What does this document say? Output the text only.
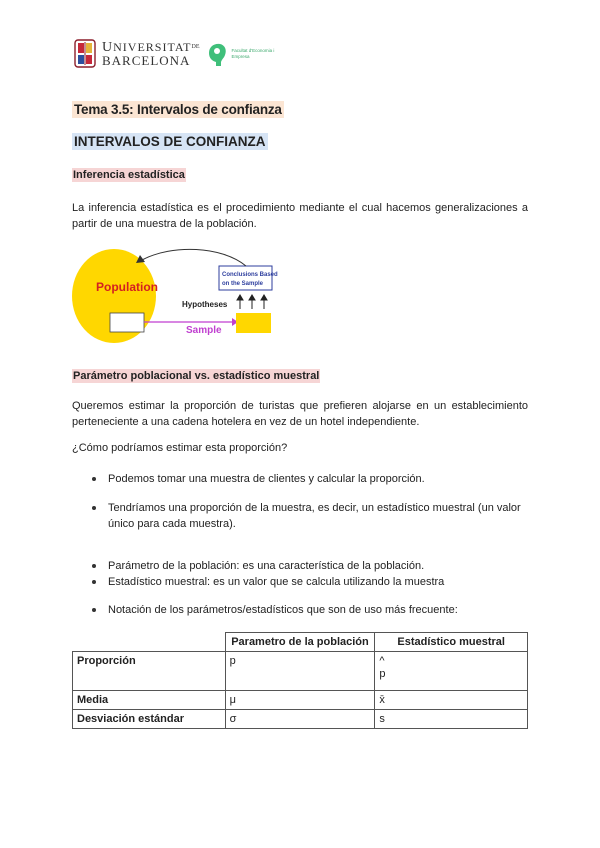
$UNIVERSITAT^{DE}$
BARCELONA
Facultat d'Economia i Empresa
Tema 3.5: Intervalos de confianza
INTERVALOS DE CONFIANZA
Inferencia estadística
La inferencia estadística es el procedimiento mediante el cual hacemos generalizaciones a partir de una muestra de la población.
Population
Sample
Hypotheses
Conclusions Based
on the Sample
Parámetro poblacional vs. estadístico muestral
Queremos estimar la proporción de turistas que prefieren alojarse en un establecimiento perteneciente a una cadena hotelera en vez de un hotel independiente.
¿Cómo podríamos estimar esta proporción?
Podemos tomar una muestra de clientes y calcular la proporción.
Tendríamos una proporción de la muestra, es decir, un estadístico muestral (un valor único para cada muestra).
Parámetro de la población: es una característica de la población.
Estadístico muestral: es un valor que se calcula utilizando la muestra
Notación de los parámetros/estadísticos que son de uso más frecuente:
	Parametro de la población	Estadístico muestral
Proporción	p	^
p

Media	μ	x̄
Desviación estándar	σ	s
